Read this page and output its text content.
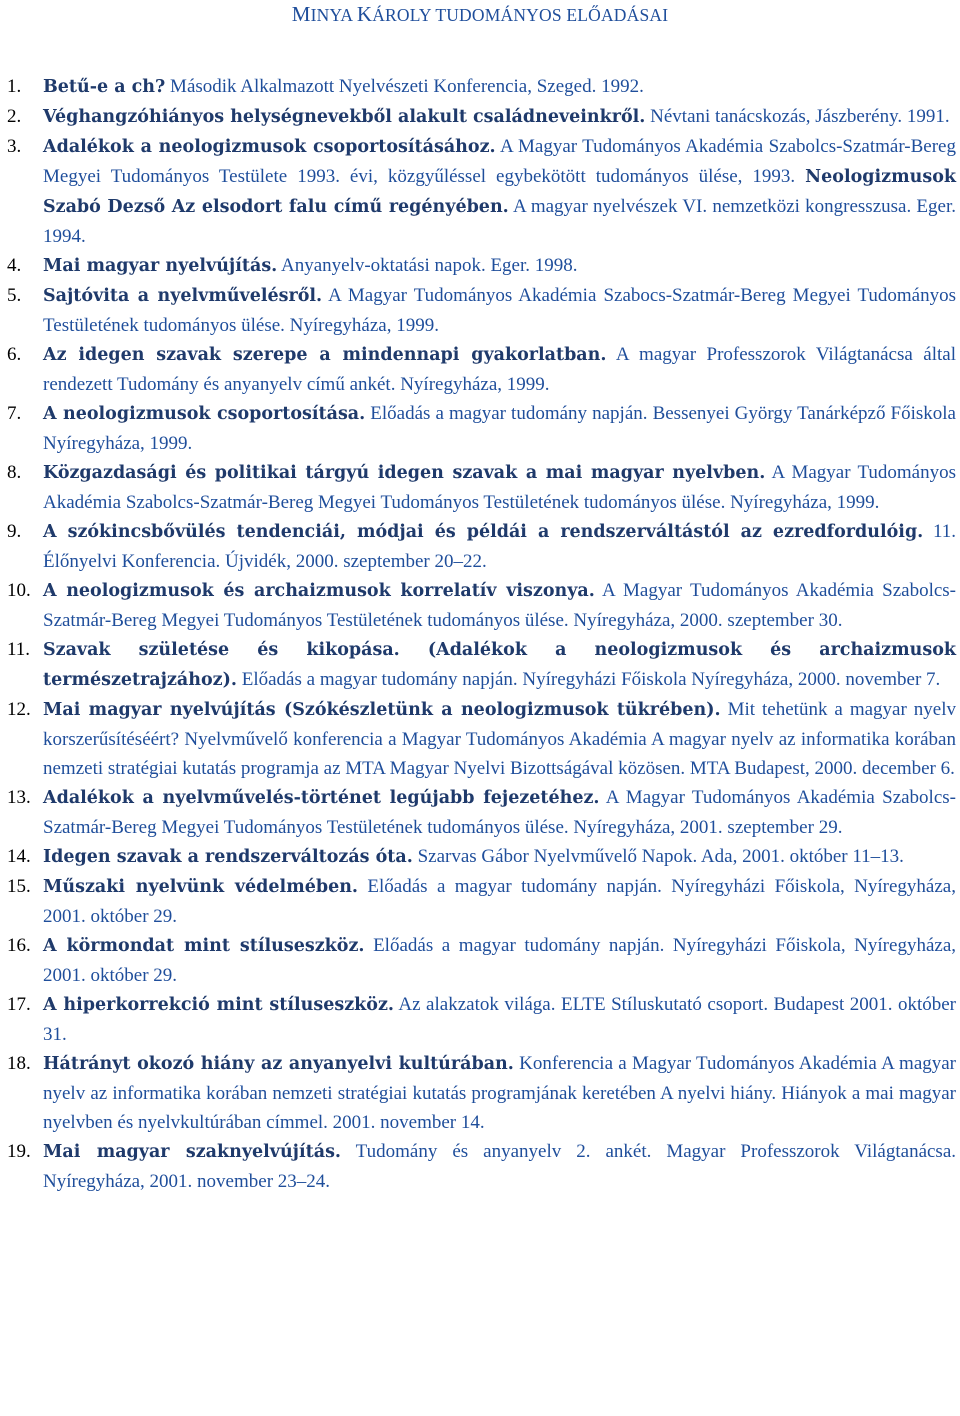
MINYA KÁROLY TUDOMÁNYOS ELŐADÁSAI
1.	Betű-e a ch? Második Alkalmazott Nyelvészeti Konferencia, Szeged. 1992.
2.	Véghangzóhiányos helységnevekből alakult családneveinkről. Névtani tanácskozás, Jászberény. 1991.
3.	Adalékok a neologizmusok csoportosításához. A Magyar Tudományos Akadémia Szabolcs-Szatmár-Bereg Megyei Tudományos Testülete 1993. évi, közgyűléssel egybekötött tudományos ülése, 1993. Neologizmusok Szabó Dezső Az elsodort falu című regényében. A magyar nyelvészek VI. nemzetközi kongresszusa. Eger. 1994.
4.	Mai magyar nyelvújítás. Anyanyelv-oktatási napok. Eger. 1998.
5.	Sajtóvita a nyelvművelésről. A Magyar Tudományos Akadémia Szabocs-Szatmár-Bereg Megyei Tudományos Testületének tudományos ülése. Nyíregyháza, 1999.
6.	Az idegen szavak szerepe a mindennapi gyakorlatban. A magyar Professzorok Világtanácsa által rendezett Tudomány és anyanyelv című ankét. Nyíregyháza, 1999.
7.	A neologizmusok csoportosítása. Előadás a magyar tudomány napján. Bessenyei György Tanárképző Főiskola Nyíregyháza, 1999.
8.	Közgazdasági és politikai tárgyú idegen szavak a mai magyar nyelvben. A Magyar Tudományos Akadémia Szabolcs-Szatmár-Bereg Megyei Tudományos Testületének tudományos ülése. Nyíregyháza, 1999.
9.	A szókincsbővülés tendenciái, módjai és példái a rendszerváltástól az ezredfordulóig. 11. Élőnyelvi Konferencia. Újvidék, 2000. szeptember 20–22.
10. A neologizmusok és archaizmusok korrelatív viszonya. A Magyar Tudományos Akadémia Szabolcs-Szatmár-Bereg Megyei Tudományos Testületének tudományos ülése. Nyíregyháza, 2000. szeptember 30.
11. Szavak születése és kikopása. (Adalékok a neologizmusok és archaizmusok természetrajzához). Előadás a magyar tudomány napján. Nyíregyházi Főiskola Nyíregyháza, 2000. november 7.
12. Mai magyar nyelvújítás (Szókészletünk a neologizmusok tükrében). Mit tehetünk a magyar nyelv korszerűsítéséért? Nyelvművelő konferencia a Magyar Tudományos Akadémia A magyar nyelv az informatika korában nemzeti stratégiai kutatás programja az MTA Magyar Nyelvi Bizottságával közösen. MTA Budapest, 2000. december 6.
13. Adalékok a nyelvművelés-történet legújabb fejezetéhez. A Magyar Tudományos Akadémia Szabolcs-Szatmár-Bereg Megyei Tudományos Testületének tudományos ülése. Nyíregyháza, 2001. szeptember 29.
14. Idegen szavak a rendszerváltozás óta. Szarvas Gábor Nyelvművelő Napok. Ada, 2001. október 11–13.
15. Műszaki nyelvünk védelmében. Előadás a magyar tudomány napján. Nyíregyházi Főiskola, Nyíregyháza, 2001. október 29.
16. A körmondat mint stíluseszköz. Előadás a magyar tudomány napján. Nyíregyházi Főiskola, Nyíregyháza, 2001. október 29.
17. A hiperkorrekció mint stíluseszköz. Az alakzatok világa. ELTE Stíluskutató csoport. Budapest 2001. október 31.
18. Hátrányt okozó hiány az anyanyelvi kultúrában. Konferencia a Magyar Tudományos Akadémia A magyar nyelv az informatika korában nemzeti stratégiai kutatás programjának keretében A nyelvi hiány. Hiányok a mai magyar nyelvben és nyelvkultúrában címmel. 2001. november 14.
19. Mai magyar szaknyelvújítás. Tudomány és anyanyelv 2. ankét. Magyar Professzorok Világtanácsa. Nyíregyháza, 2001. november 23–24.
